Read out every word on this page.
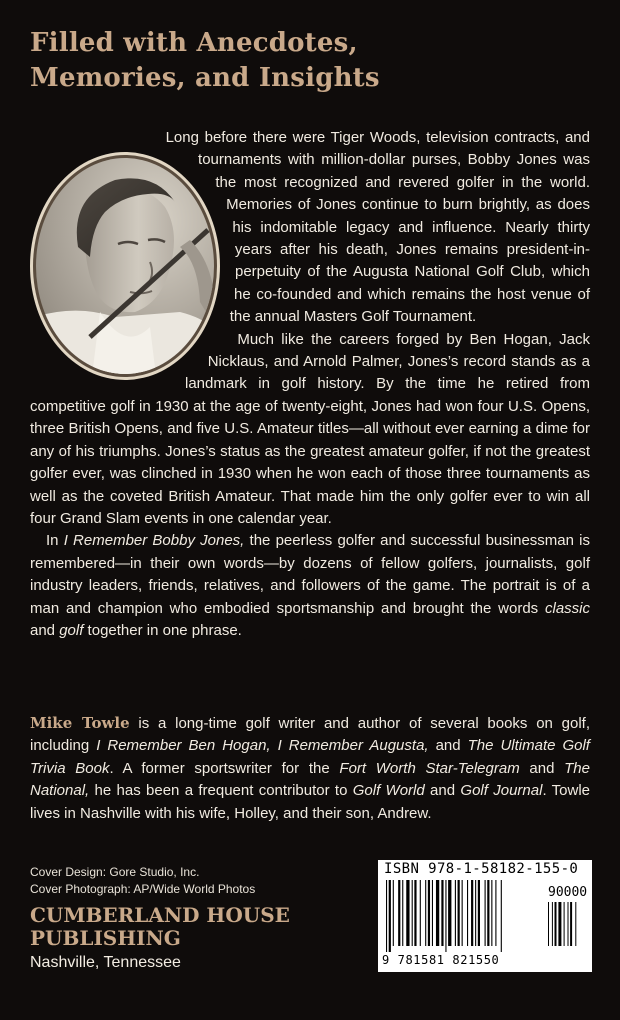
Filled with Anecdotes,
Memories, and Insights

Long before there were Tiger Woods, television contracts, and tournaments with million-dollar purses, Bobby Jones was the most recognized and revered golfer in the world. Memories of Jones continue to burn brightly, as does his indomitable legacy and influence. Nearly thirty years after his death, Jones remains president-in-perpetuity of the Augusta National Golf Club, which he co-founded and which remains the host venue of the annual Masters Golf Tournament.

Much like the careers forged by Ben Hogan, Jack Nicklaus, and Arnold Palmer, Jones’s record stands as a landmark in golf history. By the time he retired from competitive golf in 1930 at the age of twenty-eight, Jones had won four U.S. Opens, three British Opens, and five U.S. Amateur titles—all without ever earning a dime for any of his triumphs. Jones’s status as the greatest amateur golfer, if not the greatest golfer ever, was clinched in 1930 when he won each of those three tournaments as well as the coveted British Amateur. That made him the only golfer ever to win all four Grand Slam events in one calendar year.

In I Remember Bobby Jones, the peerless golfer and successful businessman is remembered—in their own words—by dozens of fellow golfers, journalists, golf industry leaders, friends, relatives, and followers of the game. The portrait is of a man and champion who embodied sportsmanship and brought the words classic and golf together in one phrase.

Mike Towle is a long-time golf writer and author of several books on golf, including I Remember Ben Hogan, I Remember Augusta, and The Ultimate Golf Trivia Book. A former sportswriter for the Fort Worth Star-Telegram and The National, he has been a frequent contributor to Golf World and Golf Journal. Towle lives in Nashville with his wife, Holley, and their son, Andrew.
Cover Design: Gore Studio, Inc.
Cover Photograph: AP/Wide World Photos
CUMBERLAND HOUSE
PUBLISHING
Nashville, Tennessee
ISBN 978-1-58182-155-0
90000
9 781581 821550
